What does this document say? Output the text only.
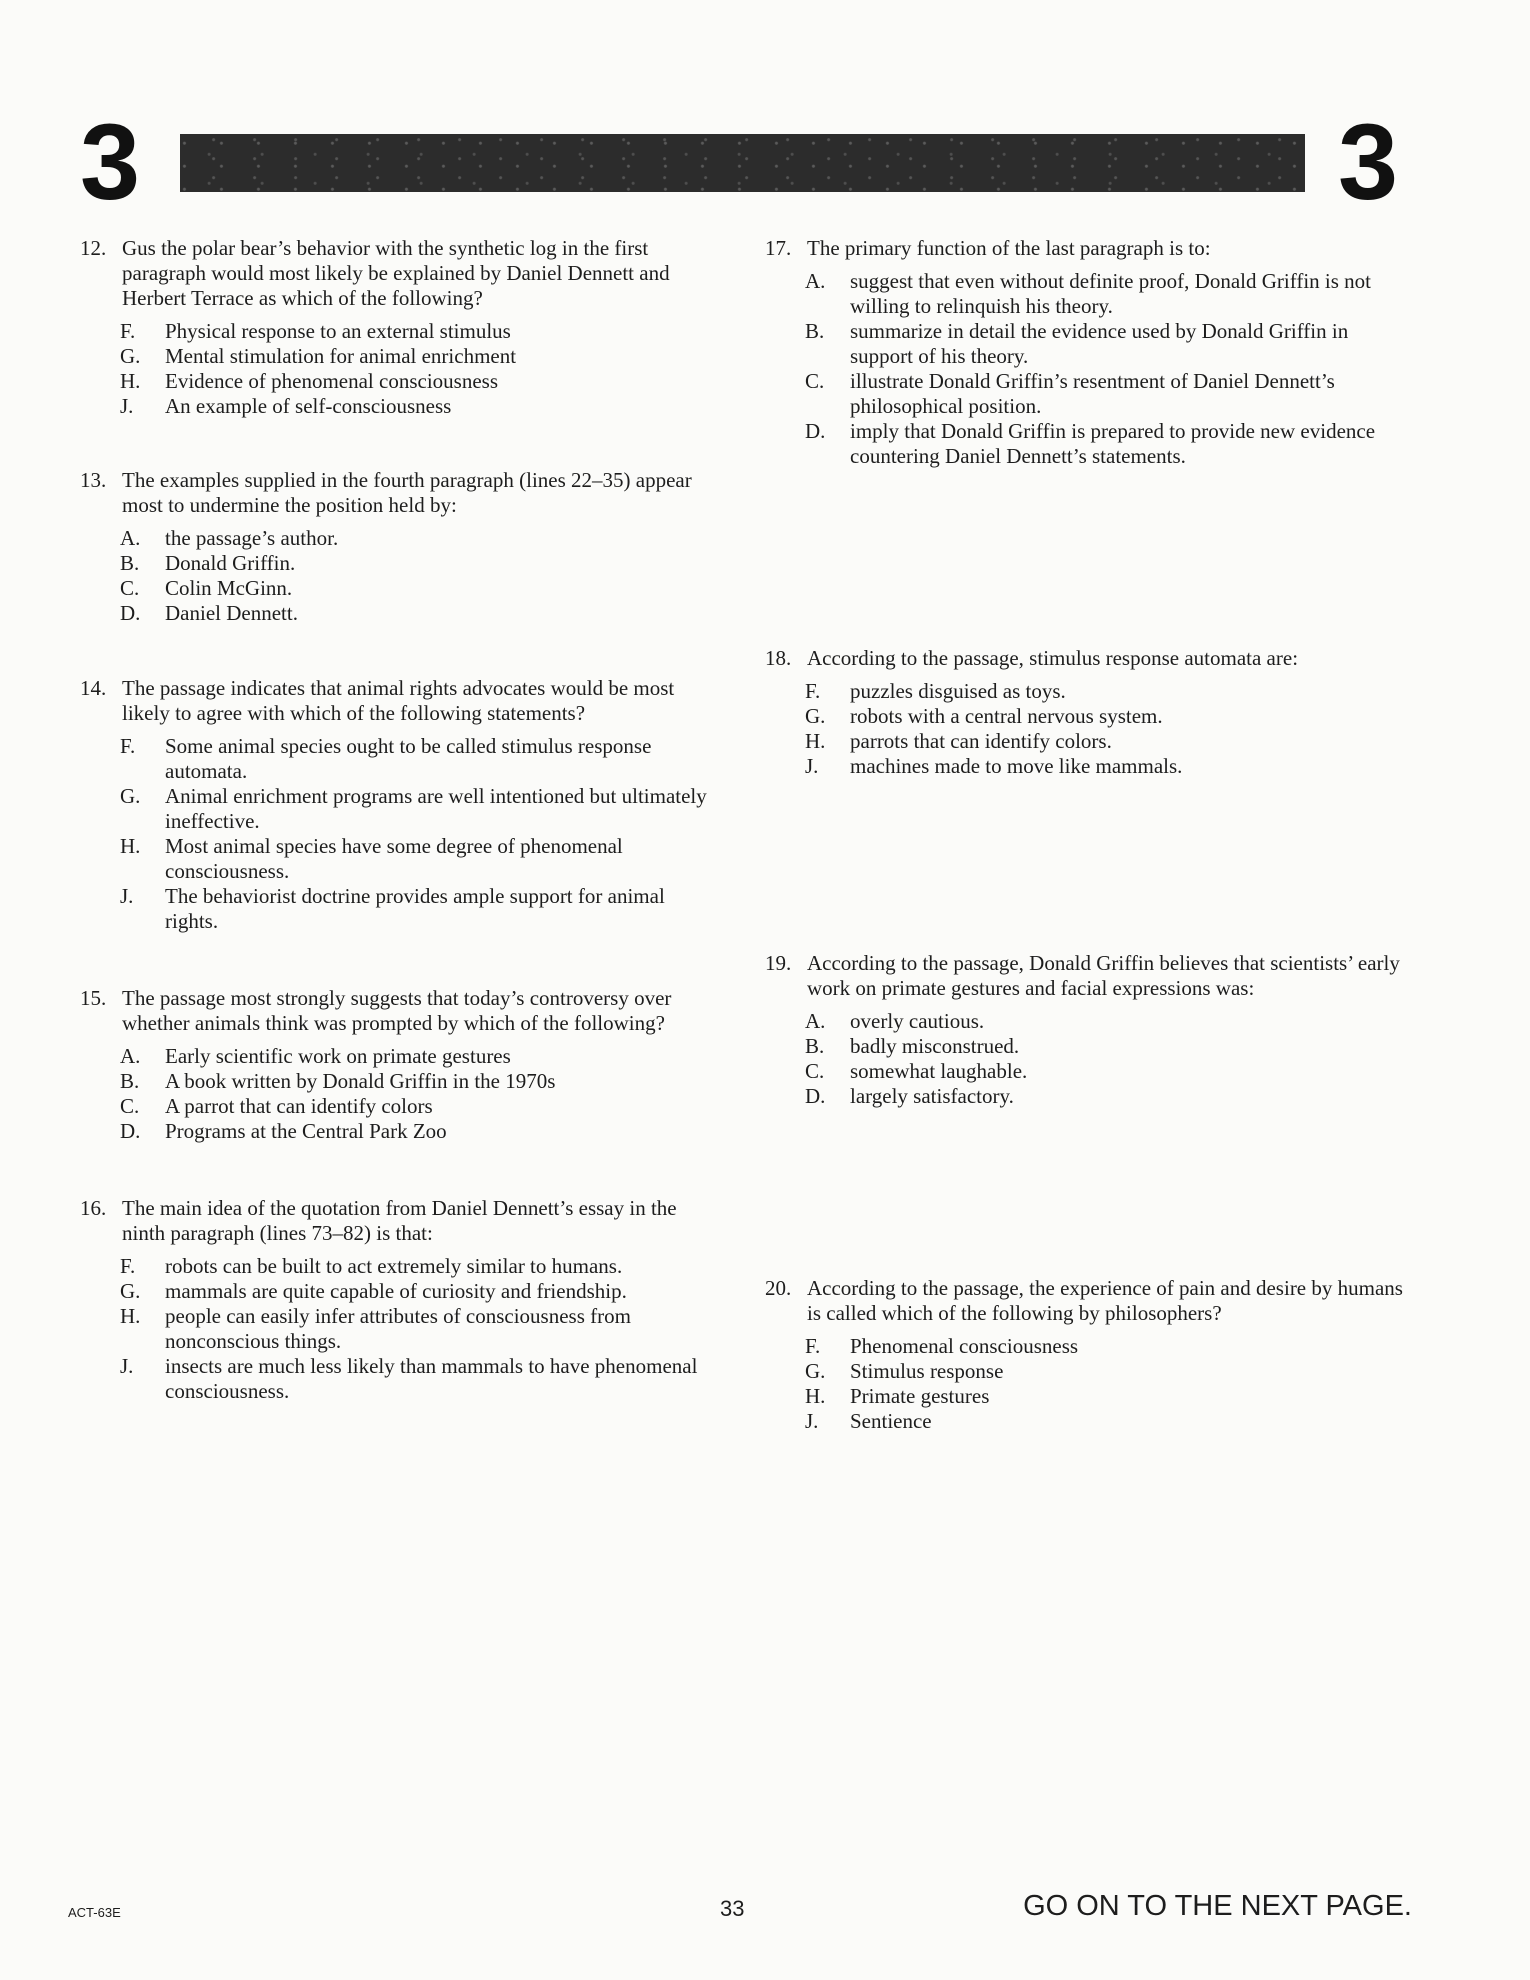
3	3
12. Gus the polar bear’s behavior with the synthetic log in the first paragraph would most likely be explained by Daniel Dennett and Herbert Terrace as which of the following?
F.	Physical response to an external stimulus
G.	Mental stimulation for animal enrichment
H.	Evidence of phenomenal consciousness
J.	An example of self-consciousness
13. The examples supplied in the fourth paragraph (lines 22–35) appear most to undermine the position held by:
A.	the passage’s author.
B.	Donald Griffin.
C.	Colin McGinn.
D.	Daniel Dennett.
14. The passage indicates that animal rights advocates would be most likely to agree with which of the following statements?
F.	Some animal species ought to be called stimulus response automata.
G.	Animal enrichment programs are well intentioned but ultimately ineffective.
H.	Most animal species have some degree of phenomenal consciousness.
J.	The behaviorist doctrine provides ample support for animal rights.
15. The passage most strongly suggests that today’s controversy over whether animals think was prompted by which of the following?
A.	Early scientific work on primate gestures
B.	A book written by Donald Griffin in the 1970s
C.	A parrot that can identify colors
D.	Programs at the Central Park Zoo
16. The main idea of the quotation from Daniel Dennett’s essay in the ninth paragraph (lines 73–82) is that:
F.	robots can be built to act extremely similar to humans.
G.	mammals are quite capable of curiosity and friendship.
H.	people can easily infer attributes of consciousness from nonconscious things.
J.	insects are much less likely than mammals to have phenomenal consciousness.
17. The primary function of the last paragraph is to:
A.	suggest that even without definite proof, Donald Griffin is not willing to relinquish his theory.
B.	summarize in detail the evidence used by Donald Griffin in support of his theory.
C.	illustrate Donald Griffin’s resentment of Daniel Dennett’s philosophical position.
D.	imply that Donald Griffin is prepared to provide new evidence countering Daniel Dennett’s statements.
18. According to the passage, stimulus response automata are:
F.	puzzles disguised as toys.
G.	robots with a central nervous system.
H.	parrots that can identify colors.
J.	machines made to move like mammals.
19. According to the passage, Donald Griffin believes that scientists’ early work on primate gestures and facial expressions was:
A.	overly cautious.
B.	badly misconstrued.
C.	somewhat laughable.
D.	largely satisfactory.
20. According to the passage, the experience of pain and desire by humans is called which of the following by philosophers?
F.	Phenomenal consciousness
G.	Stimulus response
H.	Primate gestures
J.	Sentience
ACT-63E	33	GO ON TO THE NEXT PAGE.
